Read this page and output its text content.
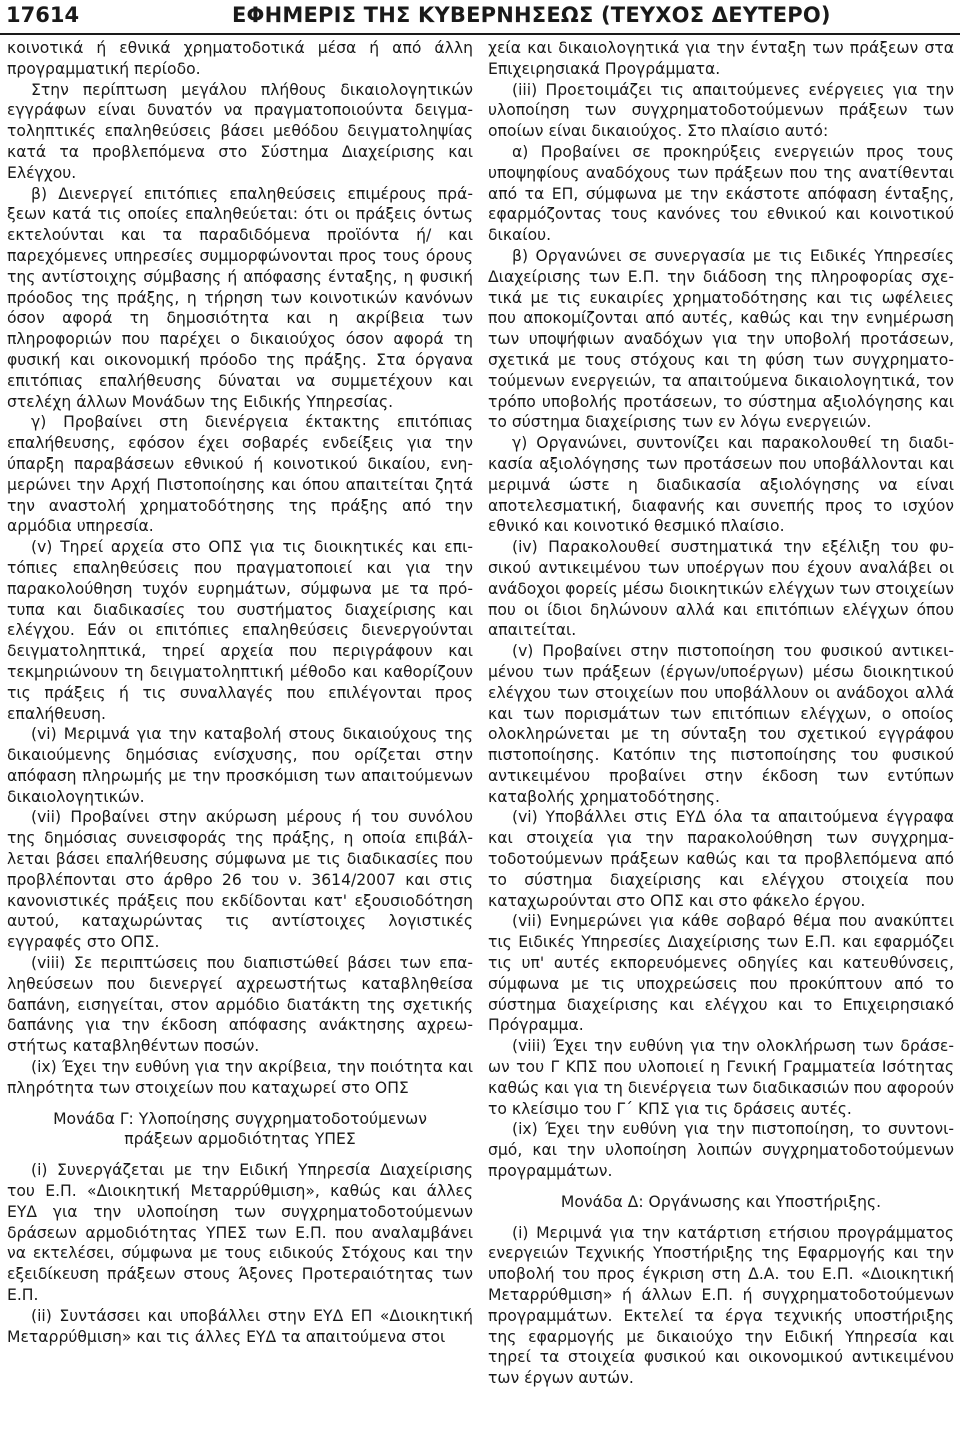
17614	ΕΦΗΜΕΡΙΣ ΤΗΣ ΚΥΒΕΡΝΗΣΕΩΣ (ΤΕΥΧΟΣ ΔΕΥΤΕΡΟ)

κοινοτικά ή εθνικά χρηματοδοτικά μέσα ή από άλλη προγραμματική περίοδο.

Στην περίπτωση μεγάλου πλήθους δικαιολογητικών εγγράφων είναι δυνατόν να πραγματοποιούντα δειγματοληπτικές επαληθεύσεις βάσει μεθόδου δειγματοληψίας κατά τα προβλεπόμενα στο Σύστημα Διαχείρισης και Ελέγχου.

β) Διενεργεί επιτόπιες επαληθεύσεις επιμέρους πράξεων κατά τις οποίες επαληθεύεται: ότι οι πράξεις όντως εκτελούνται και τα παραδιδόμενα προϊόντα ή/ και παρεχόμενες υπηρεσίες συμμορφώνονται προς τους όρους της αντίστοιχης σύμβασης ή απόφασης ένταξης, η φυσική πρόοδος της πράξης, η τήρηση των κοινοτικών κανόνων όσον αφορά τη δημοσιότητα και η ακρίβεια των πληροφοριών που παρέχει ο δικαιούχος όσον αφορά τη φυσική και οικονομική πρόοδο της πράξης. Στα όργανα επιτόπιας επαλήθευσης δύναται να συμμετέχουν και στελέχη άλλων Μονάδων της Ειδικής Υπηρεσίας.

γ) Προβαίνει στη διενέργεια έκτακτης επιτόπιας επαλήθευσης, εφόσον έχει σοβαρές ενδείξεις για την ύπαρξη παραβάσεων εθνικού ή κοινοτικού δικαίου, ενημερώνει την Αρχή Πιστοποίησης και όπου απαιτείται ζητά την αναστολή χρηματοδότησης της πράξης από την αρμόδια υπηρεσία.

(v) Τηρεί αρχεία στο ΟΠΣ για τις διοικητικές και επιτόπιες επαληθεύσεις που πραγματοποιεί και για την παρακολούθηση τυχόν ευρημάτων, σύμφωνα με τα πρότυπα και διαδικασίες του συστήματος διαχείρισης και ελέγχου. Εάν οι επιτόπιες επαληθεύσεις διενεργούνται δειγματοληπτικά, τηρεί αρχεία που περιγράφουν και τεκμηριώνουν τη δειγματοληπτική μέθοδο και καθορίζουν τις πράξεις ή τις συναλλαγές που επιλέγονται προς επαλήθευση.

(vi) Μεριμνά για την καταβολή στους δικαιούχους της δικαιούμενης δημόσιας ενίσχυσης, που ορίζεται στην απόφαση πληρωμής με την προσκόμιση των απαιτούμενων δικαιολογητικών.

(vii) Προβαίνει στην ακύρωση μέρους ή του συνόλου της δημόσιας συνεισφοράς της πράξης, η οποία επιβάλλεται βάσει επαλήθευσης σύμφωνα με τις διαδικασίες που προβλέπονται στο άρθρο 26 του ν. 3614/2007 και στις κανονιστικές πράξεις που εκδίδονται κατ' εξουσιοδότηση αυτού, καταχωρώντας τις αντίστοιχες λογιστικές εγγραφές στο ΟΠΣ.

(viii) Σε περιπτώσεις που διαπιστώθεί βάσει των επαληθεύσεων που διενεργεί αχρεωστήτως καταβληθείσα δαπάνη, εισηγείται, στον αρμόδιο διατάκτη της σχετικής δαπάνης για την έκδοση απόφασης ανάκτησης αχρεωστήτως καταβληθέντων ποσών.

(ix) Έχει την ευθύνη για την ακρίβεια, την ποιότητα και πληρότητα των στοιχείων που καταχωρεί στο ΟΠΣ

Μονάδα Γ: Υλοποίησης συγχρηματοδοτούμενων
πράξεων αρμοδιότητας ΥΠΕΣ

(i) Συνεργάζεται με την Ειδική Υπηρεσία Διαχείρισης του Ε.Π. «Διοικητική Μεταρρύθμιση», καθώς και άλλες ΕΥΔ για την υλοποίηση των συγχρηματοδοτούμενων δράσεων αρμοδιότητας ΥΠΕΣ των Ε.Π. που αναλαμβάνει να εκτελέσει, σύμφωνα με τους ειδικούς Στόχους και την εξειδίκευση πράξεων στους Άξονες Προτεραιότητας των Ε.Π.

(ii) Συντάσσει και υποβάλλει στην ΕΥΔ ΕΠ «Διοικητική Μεταρρύθμιση» και τις άλλες ΕΥΔ τα απαιτούμενα στοι

χεία και δικαιολογητικά για την ένταξη των πράξεων στα Επιχειρησιακά Προγράμματα.

(iii) Προετοιμάζει τις απαιτούμενες ενέργειες για την υλοποίηση των συγχρηματοδοτούμενων πράξεων των οποίων είναι δικαιούχος. Στο πλαίσιο αυτό:

α) Προβαίνει σε προκηρύξεις ενεργειών προς τους υποψηφίους αναδόχους των πράξεων που της ανατίθενται από τα ΕΠ, σύμφωνα με την εκάστοτε απόφαση ένταξης, εφαρμόζοντας τους κανόνες του εθνικού και κοινοτικού δικαίου.

β) Οργανώνει σε συνεργασία με τις Ειδικές Υπηρεσίες Διαχείρισης των Ε.Π. την διάδοση της πληροφορίας σχετικά με τις ευκαιρίες χρηματοδότησης και τις ωφέλειες που αποκομίζονται από αυτές, καθώς και την ενημέρωση των υποψήφιων αναδόχων για την υποβολή προτάσεων, σχετικά με τους στόχους και τη φύση των συγχρηματοτούμενων ενεργειών, τα απαιτούμενα δικαιολογητικά, τον τρόπο υποβολής προτάσεων, το σύστημα αξιολόγησης και το σύστημα διαχείρισης των εν λόγω ενεργειών.

γ) Οργανώνει, συντονίζει και παρακολουθεί τη διαδικασία αξιολόγησης των προτάσεων που υποβάλλονται και μεριμνά ώστε η διαδικασία αξιολόγησης να είναι αποτελεσματική, διαφανής και συνεπής προς το ισχύον εθνικό και κοινοτικό θεσμικό πλαίσιο.

(iv) Παρακολουθεί συστηματικά την εξέλιξη του φυσικού αντικειμένου των υποέργων που έχουν αναλάβει οι ανάδοχοι φορείς μέσω διοικητικών ελέγχων των στοιχείων που οι ίδιοι δηλώνουν αλλά και επιτόπιων ελέγχων όπου απαιτείται.

(v) Προβαίνει στην πιστοποίηση του φυσικού αντικειμένου των πράξεων (έργων/υποέργων) μέσω διοικητικού ελέγχου των στοιχείων που υποβάλλουν οι ανάδοχοι αλλά και των πορισμάτων των επιτόπιων ελέγχων, ο οποίος ολοκληρώνεται με τη σύνταξη του σχετικού εγγράφου πιστοποίησης. Κατόπιν της πιστοποίησης του φυσικού αντικειμένου προβαίνει στην έκδοση των εντύπων καταβολής χρηματοδότησης.

(vi) Υποβάλλει στις ΕΥΔ όλα τα απαιτούμενα έγγραφα και στοιχεία για την παρακολούθηση των συγχρηματοδοτούμενων πράξεων καθώς και τα προβλεπόμενα από το σύστημα διαχείρισης και ελέγχου στοιχεία που καταχωρούνται στο ΟΠΣ και στο φάκελο έργου.

(vii) Ενημερώνει για κάθε σοβαρό θέμα που ανακύπτει τις Ειδικές Υπηρεσίες Διαχείρισης των Ε.Π. και εφαρμόζει τις υπ' αυτές εκπορευόμενες οδηγίες και κατευθύνσεις, σύμφωνα με τις υποχρεώσεις που προκύπτουν από το σύστημα διαχείρισης και ελέγχου και το Επιχειρησιακό Πρόγραμμα.

(viii) Έχει την ευθύνη για την ολοκλήρωση των δράσεων του Γ ΚΠΣ που υλοποιεί η Γενική Γραμματεία Ισότητας καθώς και για τη διενέργεια των διαδικασιών που αφορούν το κλείσιμο του Γ΄ ΚΠΣ για τις δράσεις αυτές.

(ix) Έχει την ευθύνη για την πιστοποίηση, το συντονισμό, και την υλοποίηση λοιπών συγχρηματοδοτούμενων προγραμμάτων.

Μονάδα Δ: Οργάνωσης και Υποστήριξης.

(i) Μεριμνά για την κατάρτιση ετήσιου προγράμματος ενεργειών Τεχνικής Υποστήριξης της Εφαρμογής και την υποβολή του προς έγκριση στη Δ.Α. του Ε.Π. «Διοικητική Μεταρρύθμιση» ή άλλων Ε.Π. ή συγχρηματοδοτούμενων προγραμμάτων. Εκτελεί τα έργα τεχνικής υποστήριξης της εφαρμογής με δικαιούχο την Ειδική Υπηρεσία και τηρεί τα στοιχεία φυσικού και οικονομικού αντικειμένου των έργων αυτών.
